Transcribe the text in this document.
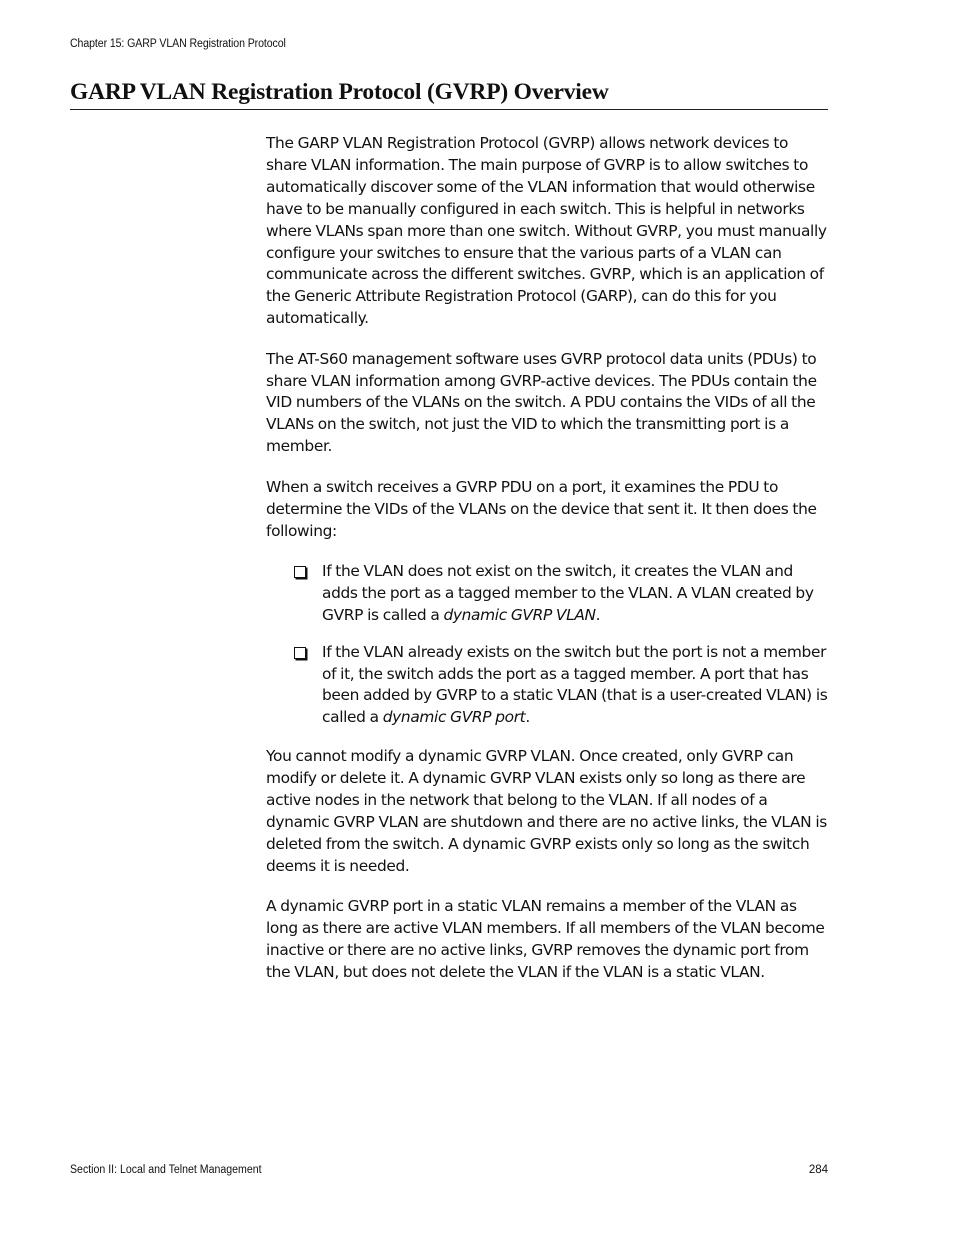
Chapter 15: GARP VLAN Registration Protocol
GARP VLAN Registration Protocol (GVRP) Overview

The GARP VLAN Registration Protocol (GVRP) allows network devices to share VLAN information. The main purpose of GVRP is to allow switches to automatically discover some of the VLAN information that would otherwise have to be manually configured in each switch. This is helpful in networks where VLANs span more than one switch. Without GVRP, you must manually configure your switches to ensure that the various parts of a VLAN can communicate across the different switches. GVRP, which is an application of the Generic Attribute Registration Protocol (GARP), can do this for you automatically.

The AT-S60 management software uses GVRP protocol data units (PDUs) to share VLAN information among GVRP-active devices. The PDUs contain the VID numbers of the VLANs on the switch. A PDU contains the VIDs of all the VLANs on the switch, not just the VID to which the transmitting port is a member.

When a switch receives a GVRP PDU on a port, it examines the PDU to determine the VIDs of the VLANs on the device that sent it. It then does the following:

If the VLAN does not exist on the switch, it creates the VLAN and adds the port as a tagged member to the VLAN. A VLAN created by GVRP is called a dynamic GVRP VLAN.
If the VLAN already exists on the switch but the port is not a member of it, the switch adds the port as a tagged member. A port that has been added by GVRP to a static VLAN (that is a user-created VLAN) is called a dynamic GVRP port.

You cannot modify a dynamic GVRP VLAN. Once created, only GVRP can modify or delete it. A dynamic GVRP VLAN exists only so long as there are active nodes in the network that belong to the VLAN. If all nodes of a dynamic GVRP VLAN are shutdown and there are no active links, the VLAN is deleted from the switch. A dynamic GVRP exists only so long as the switch deems it is needed.

A dynamic GVRP port in a static VLAN remains a member of the VLAN as long as there are active VLAN members. If all members of the VLAN become inactive or there are no active links, GVRP removes the dynamic port from the VLAN, but does not delete the VLAN if the VLAN is a static VLAN.

Section II: Local and Telnet Management	284
